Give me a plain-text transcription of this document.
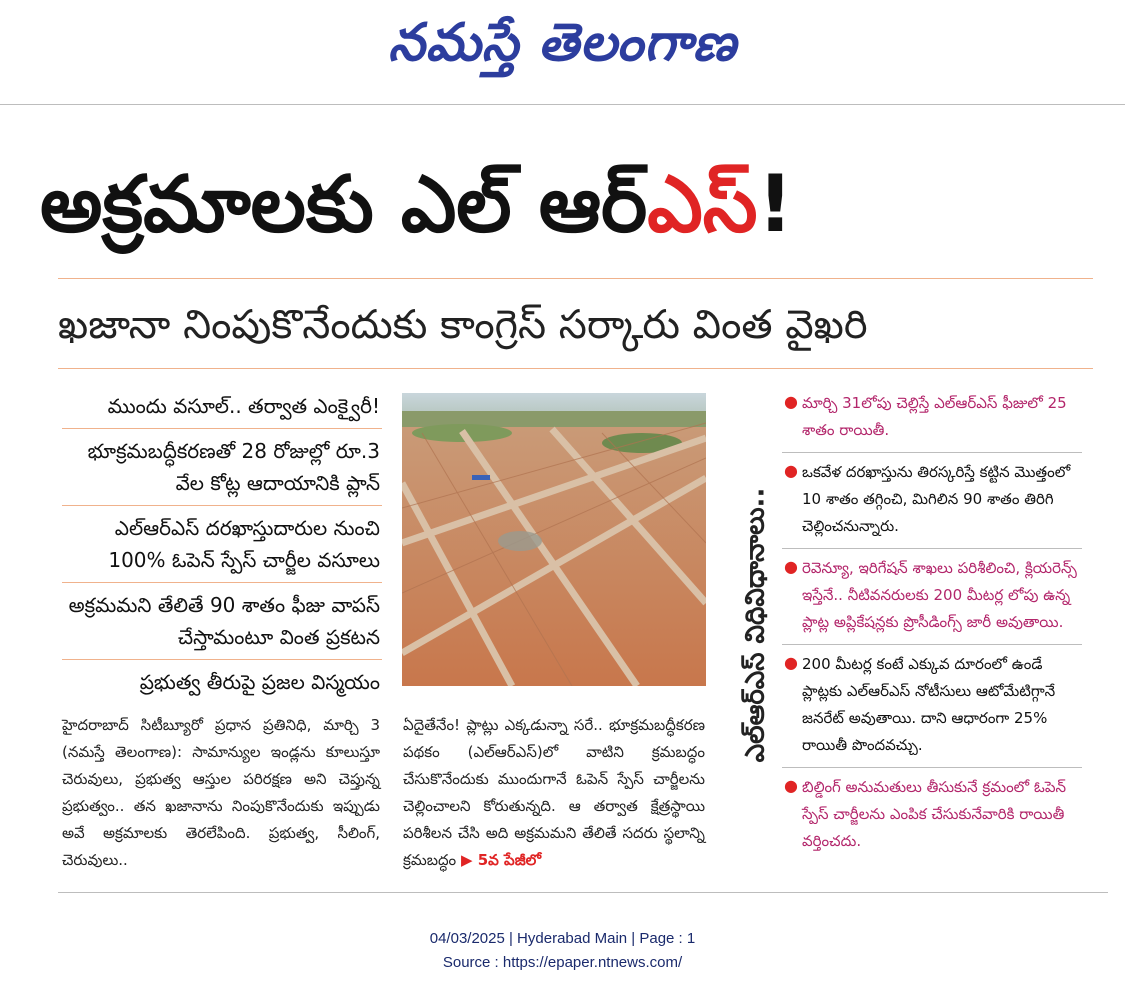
నమస్తే తెలంగాణ
అక్రమాలకు ఎల్ ఆర్ఎస్!
ఖజానా నింపుకొనేందుకు కాంగ్రెస్ సర్కారు వింత వైఖరి
ముందు వసూల్.. తర్వాత ఎంక్వైరీ!
భూక్రమబద్ధీకరణతో 28 రోజుల్లో రూ.3 వేల కోట్ల ఆదాయానికి ప్లాన్
ఎల్ఆర్ఎస్ దరఖాస్తుదారుల నుంచి 100% ఓపెన్ స్పేస్ చార్జీల వసూలు
అక్రమమని తేలితే 90 శాతం ఫీజు వాపస్ చేస్తామంటూ వింత ప్రకటన
ప్రభుత్వ తీరుపై ప్రజల విస్మయం	ఎల్ఆర్ఎస్ విధివిధానాలు..
● మార్చి 31లోపు చెల్లిస్తే ఎల్ఆర్ఎస్ ఫీజులో 25 శాతం రాయితీ.
● ఒకవేళ దరఖాస్తును తిరస్కరిస్తే కట్టిన మొత్తంలో 10 శాతం తగ్గించి, మిగిలిన 90 శాతం తిరిగి చెల్లించనున్నారు.
● రెవెన్యూ, ఇరిగేషన్ శాఖలు పరిశీలించి, క్లియరెన్స్ ఇస్తేనే.. నీటివనరులకు 200 మీటర్ల లోపు ఉన్న ప్లాట్ల అప్లికేషన్లకు ప్రొసీడింగ్స్ జారీ అవుతాయి.
● 200 మీటర్ల కంటే ఎక్కువ దూరంలో ఉండే ప్లాట్లకు ఎల్ఆర్ఎస్ నోటీసులు ఆటోమేటిగ్గానే జనరేట్ అవుతాయి. దాని ఆధారంగా 25% రాయితీ పొందవచ్చు.
● బిల్డింగ్ అనుమతులు తీసుకునే క్రమంలో ఓపెన్ స్పేస్ చార్జీలను ఎంపిక చేసుకునేవారికి రాయితీ వర్తించదు.
హైదరాబాద్ సిటీబ్యూరో ప్రధాన ప్రతినిధి, మార్చి 3 (నమస్తే తెలంగాణ): సామాన్యుల ఇండ్లను కూలుస్తూ చెరువులు, ప్రభుత్వ ఆస్తుల పరిరక్షణ అని చెప్తున్న ప్రభుత్వం.. తన ఖజానాను నింపుకొనేందుకు ఇప్పుడు అవే అక్రమాలకు తెరలేపింది. ప్రభుత్వ, సీలింగ్, చెరువులు..
ఏదైతేనేం! ప్లాట్లు ఎక్కడున్నా సరే.. భూక్రమబద్ధీకరణ పథకం (ఎల్ఆర్ఎస్)లో వాటిని క్రమబద్ధం చేసుకొనేందుకు ముందుగానే ఓపెన్ స్పేస్ చార్జీలను చెల్లించాలని కోరుతున్నది. ఆ తర్వాత క్షేత్రస్థాయి పరిశీలన చేసి అది అక్రమమని తేలితే సదరు స్థలాన్ని క్రమబద్ధం ▶ 5వ పేజీలో
04/03/2025 | Hyderabad Main | Page : 1
Source : https://epaper.ntnews.com/
